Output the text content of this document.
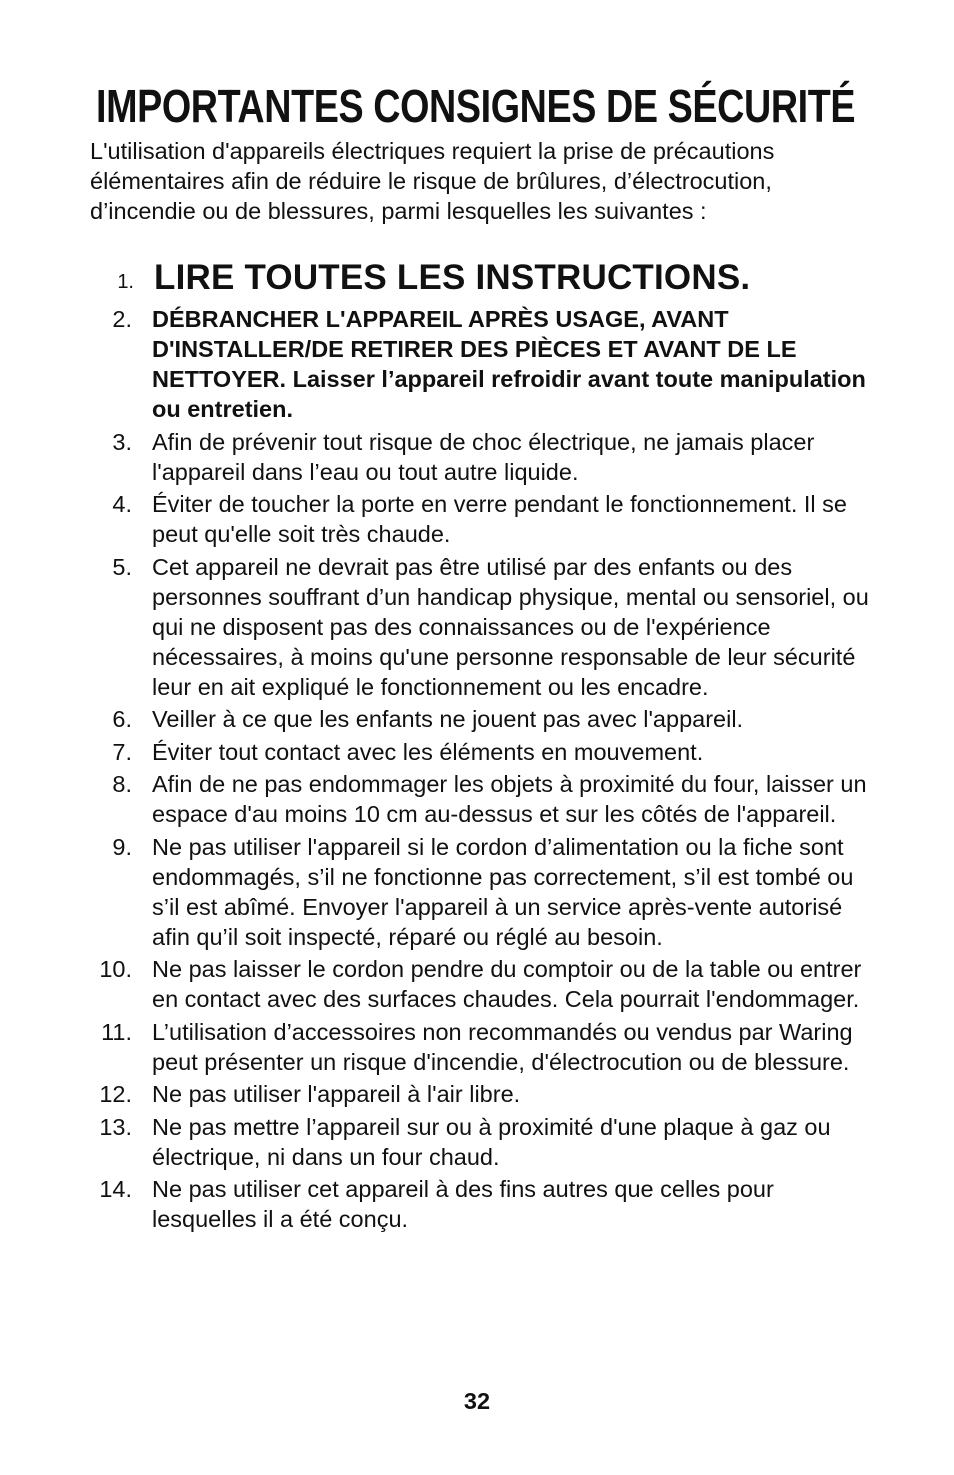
IMPORTANTES CONSIGNES DE SÉCURITÉ

L'utilisation d'appareils électriques requiert la prise de précautions élémentaires afin de réduire le risque de brûlures, d’électrocution, d’incendie ou de blessures, parmi lesquelles les suivantes :

1. LIRE TOUTES LES INSTRUCTIONS.
2. DÉBRANCHER L'APPAREIL APRÈS USAGE, AVANT D'INSTALLER/DE RETIRER DES PIÈCES ET AVANT DE LE NETTOYER. Laisser l’appareil refroidir avant toute manipulation ou entretien.
3. Afin de prévenir tout risque de choc électrique, ne jamais placer l'appareil dans l’eau ou tout autre liquide.
4. Éviter de toucher la porte en verre pendant le fonctionnement. Il se peut qu'elle soit très chaude.
5. Cet appareil ne devrait pas être utilisé par des enfants ou des personnes souffrant d’un handicap physique, mental ou sensoriel, ou qui ne disposent pas des connaissances ou de l'expérience nécessaires, à moins qu'une personne responsable de leur sécurité leur en ait expliqué le fonctionnement ou les encadre.
6. Veiller à ce que les enfants ne jouent pas avec l'appareil.
7. Éviter tout contact avec les éléments en mouvement.
8. Afin de ne pas endommager les objets à proximité du four, laisser un espace d'au moins 10 cm au-dessus et sur les côtés de l'appareil.
9. Ne pas utiliser l'appareil si le cordon d’alimentation ou la fiche sont endommagés, s’il ne fonctionne pas correctement, s’il est tombé ou s’il est abîmé. Envoyer l'appareil à un service après-vente autorisé afin qu’il soit inspecté, réparé ou réglé au besoin.
10. Ne pas laisser le cordon pendre du comptoir ou de la table ou entrer en contact avec des surfaces chaudes. Cela pourrait l'endommager.
11. L’utilisation d’accessoires non recommandés ou vendus par Waring peut présenter un risque d'incendie, d'électrocution ou de blessure.
12. Ne pas utiliser l'appareil à l'air libre.
13. Ne pas mettre l’appareil sur ou à proximité d'une plaque à gaz ou électrique, ni dans un four chaud.
14. Ne pas utiliser cet appareil à des fins autres que celles pour lesquelles il a été conçu.
32
